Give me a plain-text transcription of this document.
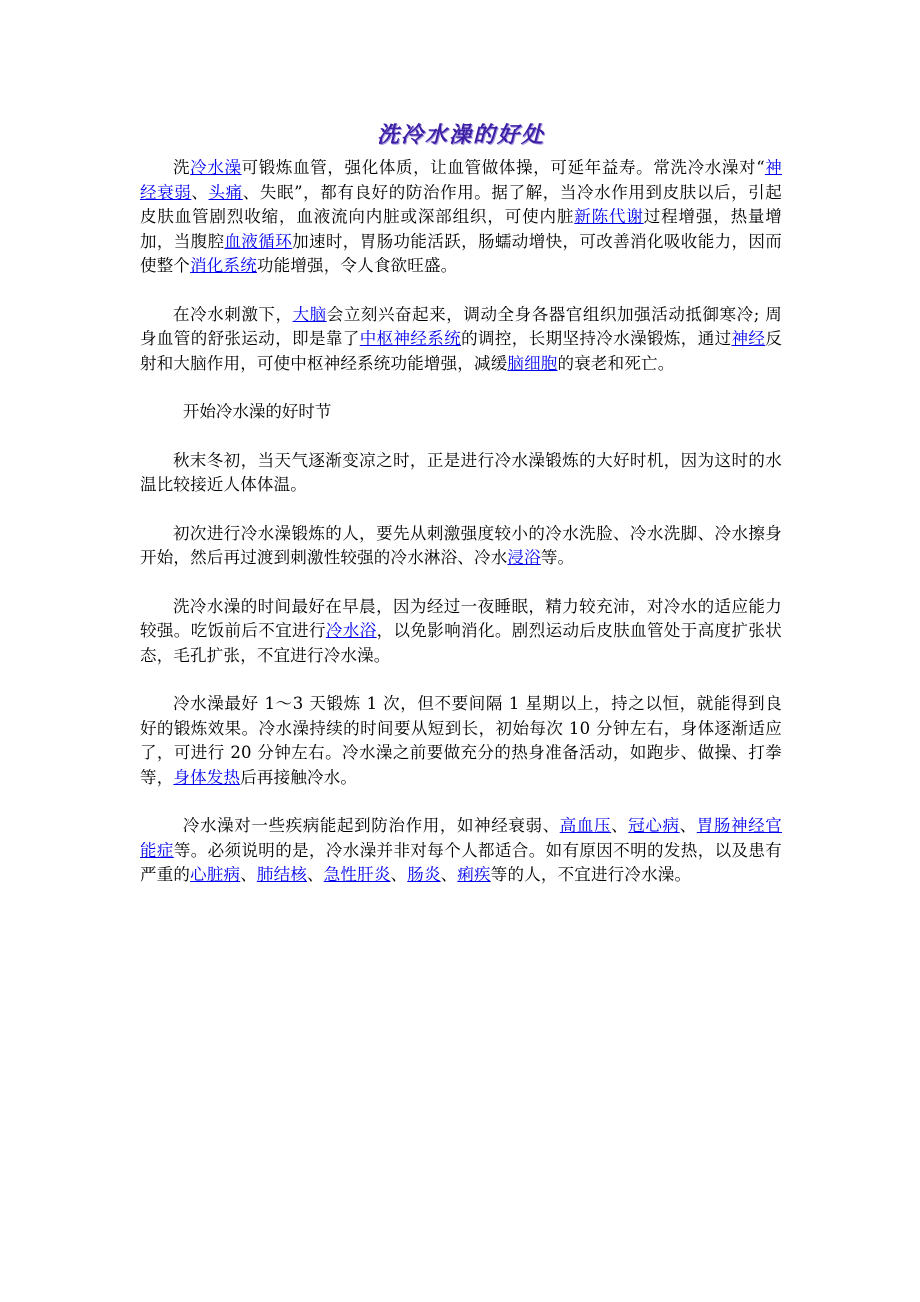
洗冷水澡的好处

洗冷水澡可锻炼血管，强化体质，让血管做体操，可延年益寿。常洗冷水澡对“神经衰弱、头痛、失眠”，都有良好的防治作用。据了解，当冷水作用到皮肤以后，引起皮肤血管剧烈收缩，血液流向内脏或深部组织，可使内脏新陈代谢过程增强，热量增加，当腹腔血液循环加速时，胃肠功能活跃，肠蠕动增快，可改善消化吸收能力，因而使整个消化系统功能增强，令人食欲旺盛。

在冷水刺激下，大脑会立刻兴奋起来，调动全身各器官组织加强活动抵御寒冷; 周身血管的舒张运动，即是靠了中枢神经系统的调控，长期坚持冷水澡锻炼，通过神经反射和大脑作用，可使中枢神经系统功能增强，减缓脑细胞的衰老和死亡。

开始冷水澡的好时节

秋末冬初，当天气逐渐变凉之时，正是进行冷水澡锻炼的大好时机，因为这时的水温比较接近人体体温。

初次进行冷水澡锻炼的人，要先从刺激强度较小的冷水洗脸、冷水洗脚、冷水擦身开始，然后再过渡到刺激性较强的冷水淋浴、冷水浸浴等。

洗冷水澡的时间最好在早晨，因为经过一夜睡眠，精力较充沛，对冷水的适应能力较强。吃饭前后不宜进行冷水浴，以免影响消化。剧烈运动后皮肤血管处于高度扩张状态，毛孔扩张，不宜进行冷水澡。

冷水澡最好 1～3 天锻炼 1 次，但不要间隔 1 星期以上，持之以恒，就能得到良好的锻炼效果。冷水澡持续的时间要从短到长，初始每次 10 分钟左右，身体逐渐适应了，可进行 20 分钟左右。冷水澡之前要做充分的热身准备活动，如跑步、做操、打拳等，身体发热后再接触冷水。

冷水澡对一些疾病能起到防治作用，如神经衰弱、高血压、冠心病、胃肠神经官能症等。必须说明的是，冷水澡并非对每个人都适合。如有原因不明的发热，以及患有严重的心脏病、肺结核、急性肝炎、肠炎、痢疾等的人，不宜进行冷水澡。
